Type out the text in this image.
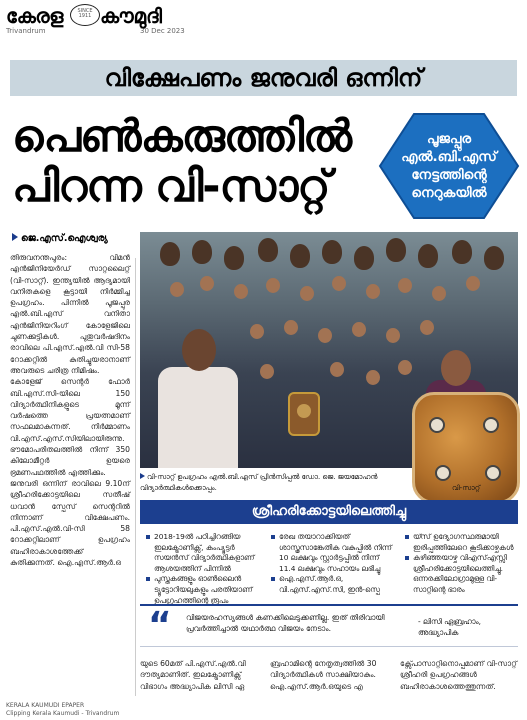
കേരള	SINCE 1911 കൗമുദി
Trivandrum	30 Dec 2023
വിക്ഷേപണം ജനുവരി ഒന്നിന്
പെൺകരുത്തിൽ പിറന്ന വി-സാറ്റ്
പൂജപ്പുര എൽ.ബി.എസ് നേട്ടത്തിന്റെ നെറുകയിൽ
ജെ.എസ്.ഐശ്വര്യ

തിരുവനന്തപുരം: വിമൻ എൻജിനിയേർഡ് സാറ്റലൈറ്റ് (വി-സാറ്റ്). ഇന്ത്യയിൽ ആദ്യമായി വനിതകളെ കൂട്ടായി നിർമ്മിച്ച ഉപഗ്രഹം. പിന്നിൽ പൂജപ്പുര എൽ.ബി.എസ് വനിതാ എൻജിനിയറിംഗ് കോളേജിലെ ചുണക്കുട്ടികൾ. പുതുവർഷദിനം രാവിലെ പി.എസ്.എൽ.വി സി-58 റോക്കറ്റിൽ കുതിച്ചുയരാനാണ് അവരുടെ ചരിത്ര നിമിഷം.

കോളേജ് സെന്റർ ഫോർ ബി.എസ്.സി-യിലെ 150 വിദ്യാർത്ഥിനികളുടെ മൂന്ന് വർഷത്തെ പ്രയത്നമാണ് സഫലമാകുന്നത്. നിർമ്മാണം വി.എസ്.എസ്.സിയിലായിരുന്നു. ഭൗമോപരിതലത്തിൽ നിന്ന് 350 കിലോമീറ്റർ ഉയരെ ഭ്രമണപഥത്തിൽ എത്തിക്കും.

ജനുവരി ഒന്നിന് രാവിലെ 9.10ന് ശ്രീഹരിക്കോട്ടയിലെ സതീഷ് ധവാൻ സ്പേസ് സെന്ററിൽ നിന്നാണ് വിക്ഷേപണം. പി.എസ്.എൽ.വി-സി 58 റോക്കറ്റിലാണ് ഉപഗ്രഹം ബഹിരാകാശത്തേക്ക് കുതിക്കുന്നത്. ഐ.എസ്.ആർ.ഒ

വി-സാറ്റ് ഉപഗ്രഹം എൽ.ബി.എസ് പ്രിൻസിപ്പൽ ഡോ. ജെ. ജയമോഹൻ വിദ്യാർത്ഥികൾക്കൊപ്പം.	വി-സാറ്റ്
ശ്രീഹരിക്കോട്ടയിലെത്തിച്ചു
2018-19ൽ പഠിച്ചിറങ്ങിയ ഇലക്ട്രോണിക്സ്, കംപ്യൂട്ടർ സയൻസ് വിദ്യാർത്ഥികളാണ് ആശയത്തിന് പിന്നിൽ
പുസ്തകങ്ങളും ഓൺലൈൻ ട്യൂട്ടോറിയലുകളും പരതിയാണ് ഉപഗ്രഹത്തിന്റെ രൂപം
രേഖ തയാറാക്കിയത് ശാസ്ത്രസാങ്കേതിക വകുപ്പിൽ നിന്ന് 10 ലക്ഷവും സ്റ്റാർട്ടപ്പിൽ നിന്ന് 11.4 ലക്ഷവും സഹായം ലഭിച്ചു
ഐ.എസ്.ആർ.ഒ, വി.എസ്.എസ്.സി, ഇൻ-സ്പെ
യ്സ് ഉദ്യോഗസ്ഥരുമായി ഇരിപ്പത്തിലേറെ കൂടിക്കാഴ്ചകൾ
കഴിഞ്ഞയാഴ്ച വിഎസ്എസ്സി ശ്രീഹരിക്കോട്ടയിലെത്തിച്ചു. ഒന്നരക്കിലോഗ്രാമുള്ള വി-സാറ്റിന്റെ ഭാരം
“ വിജയരഹസ്യങ്ങൾ കണക്കിലെടുക്കണില്ല. ഇത് തിരിവായി പ്രവർത്തിച്ചാൽ യഥാർത്ഥ വിജയം നേടാം.
- ലിസി ഏബ്രഹാം, അദ്ധ്യാപിക
യുടെ 60മത് പി.എസ്.എൽ.വി ദൗത്യമാണിത്. ഇലക്ട്രോണിക്സ് വിഭാഗം അദ്ധ്യാപിക ലിസി ഏ
ബ്രഹാമിന്റെ നേതൃത്വത്തിൽ 30 വിദ്യാർത്ഥികൾ സാക്ഷിയാകും. ഐ.എസ്.ആർ.ഒയുടെ എ
ക്സ്പോസാറ്റിനൊപ്പമാണ് വി-സാറ്റ് ശ്രീഹരി ഉപഗ്രഹങ്ങൾ ബഹിരാകാശത്തെത്തുന്നത്.
KERALA KAUMUDI EPAPER
Clipping Kerala Kaumudi - Trivandrum
